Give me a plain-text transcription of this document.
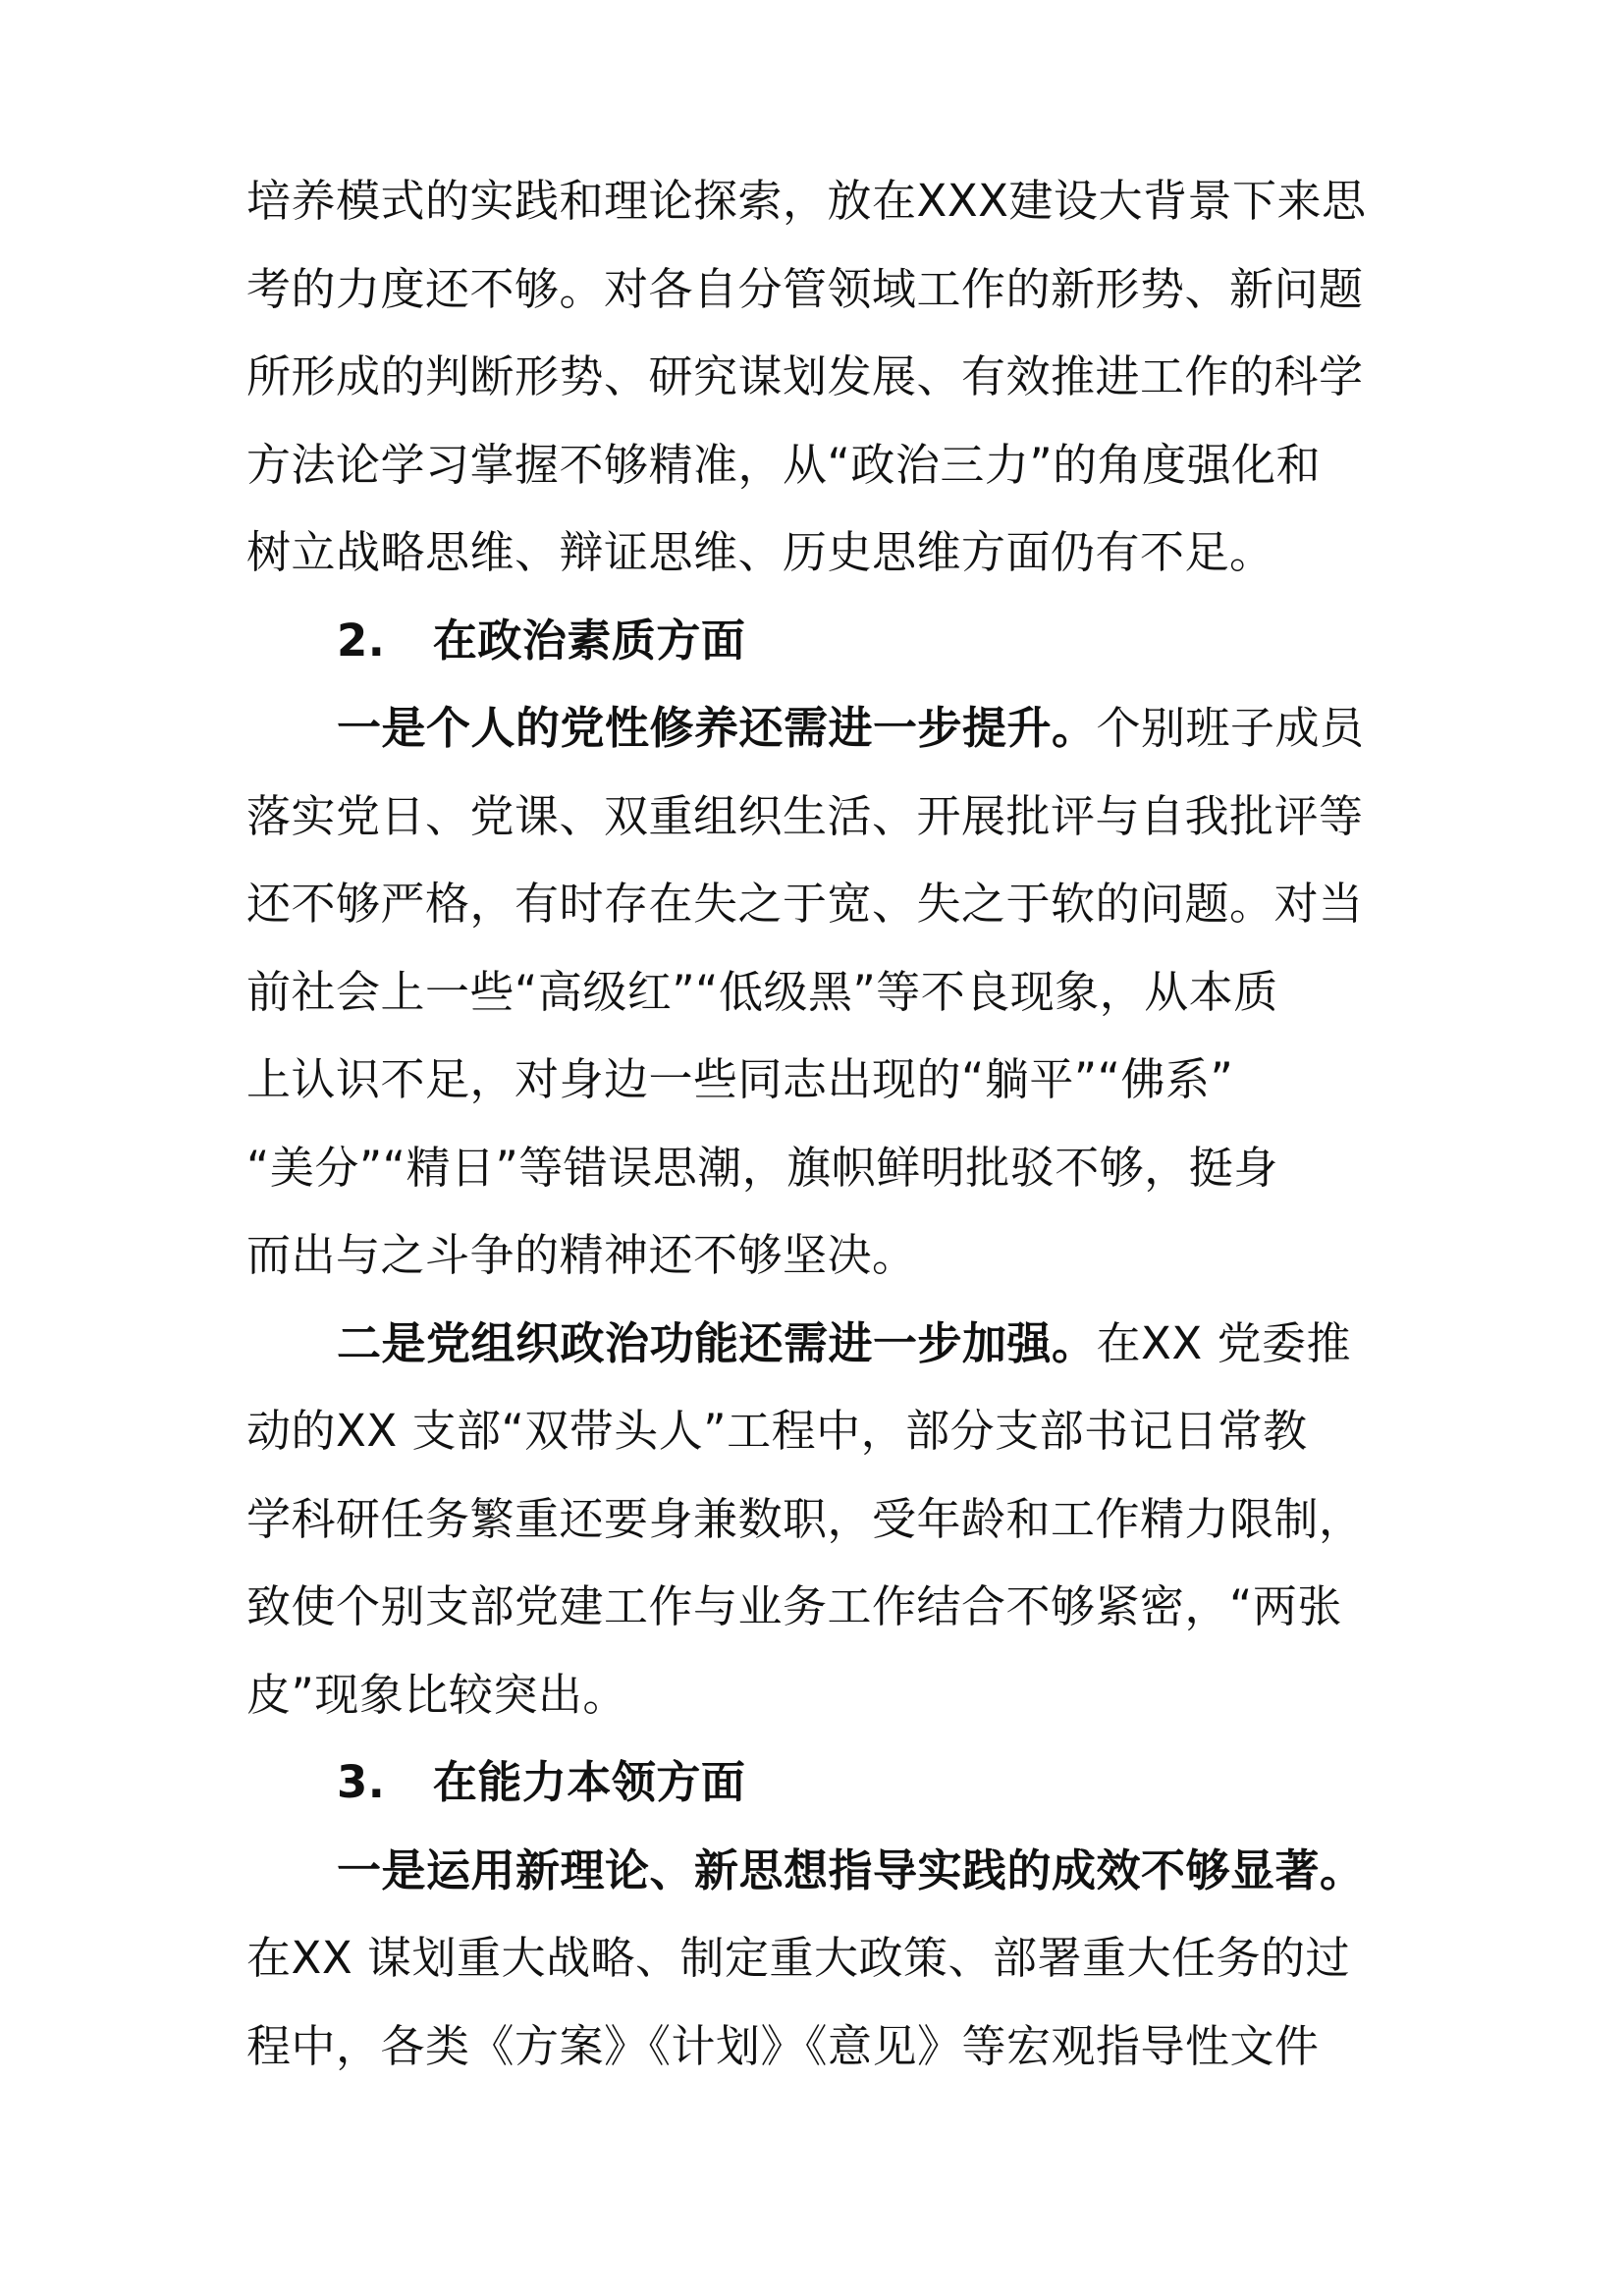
培养模式的实践和理论探索，放在XXX建设大背景下来思
考的力度还不够。对各自分管领域工作的新形势、新问题
所形成的判断形势、研究谋划发展、有效推进工作的科学
方法论学习掌握不够精准，从“政治三力”的角度强化和
树立战略思维、辩证思维、历史思维方面仍有不足。
2.   在政治素质方面
一是个人的党性修养还需进一步提升。个别班子成员
落实党日、党课、双重组织生活、开展批评与自我批评等
还不够严格，有时存在失之于宽、失之于软的问题。对当
前社会上一些“高级红”“低级黑”等不良现象，从本质
上认识不足，对身边一些同志出现的“躺平”“佛系”
“美分”“精日”等错误思潮，旗帜鲜明批驳不够，挺身
而出与之斗争的精神还不够坚决。
二是党组织政治功能还需进一步加强。在XX 党委推
动的XX 支部“双带头人”工程中，部分支部书记日常教
学科研任务繁重还要身兼数职，受年龄和工作精力限制，
致使个别支部党建工作与业务工作结合不够紧密，“两张
皮”现象比较突出。
3.   在能力本领方面
一是运用新理论、新思想指导实践的成效不够显著。
在XX 谋划重大战略、制定重大政策、部署重大任务的过
程中，各类《方案》《计划》《意见》等宏观指导性文件
